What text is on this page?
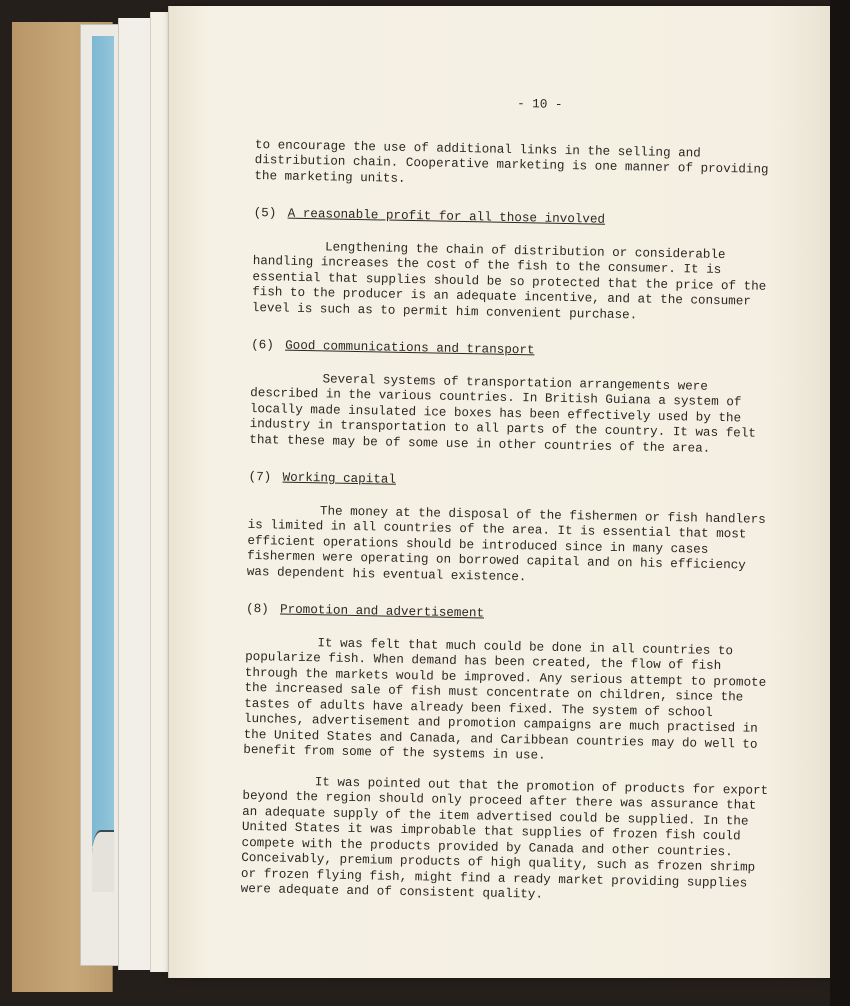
- 10 -

to encourage the use of additional links in the selling and distribution chain. Cooperative marketing is one manner of providing the marketing units.

(5) A reasonable profit for all those involved

Lengthening the chain of distribution or considerable handling increases the cost of the fish to the consumer. It is essential that supplies should be so protected that the price of the fish to the producer is an adequate incentive, and at the consumer level is such as to permit him convenient purchase.

(6) Good communications and transport

Several systems of transportation arrangements were described in the various countries. In British Guiana a system of locally made insulated ice boxes has been effectively used by the industry in transportation to all parts of the country. It was felt that these may be of some use in other countries of the area.

(7) Working capital

The money at the disposal of the fishermen or fish handlers is limited in all countries of the area. It is essential that most efficient operations should be introduced since in many cases fishermen were operating on borrowed capital and on his efficiency was dependent his eventual existence.

(8) Promotion and advertisement

It was felt that much could be done in all countries to popularize fish. When demand has been created, the flow of fish through the markets would be improved. Any serious attempt to promote the increased sale of fish must concentrate on children, since the tastes of adults have already been fixed. The system of school lunches, advertisement and promotion campaigns are much practised in the United States and Canada, and Caribbean countries may do well to benefit from some of the systems in use.

It was pointed out that the promotion of products for export beyond the region should only proceed after there was assurance that an adequate supply of the item advertised could be supplied. In the United States it was improbable that supplies of frozen fish could compete with the products provided by Canada and other countries. Conceivably, premium products of high quality, such as frozen shrimp or frozen flying fish, might find a ready market providing supplies were adequate and of consistent quality.
